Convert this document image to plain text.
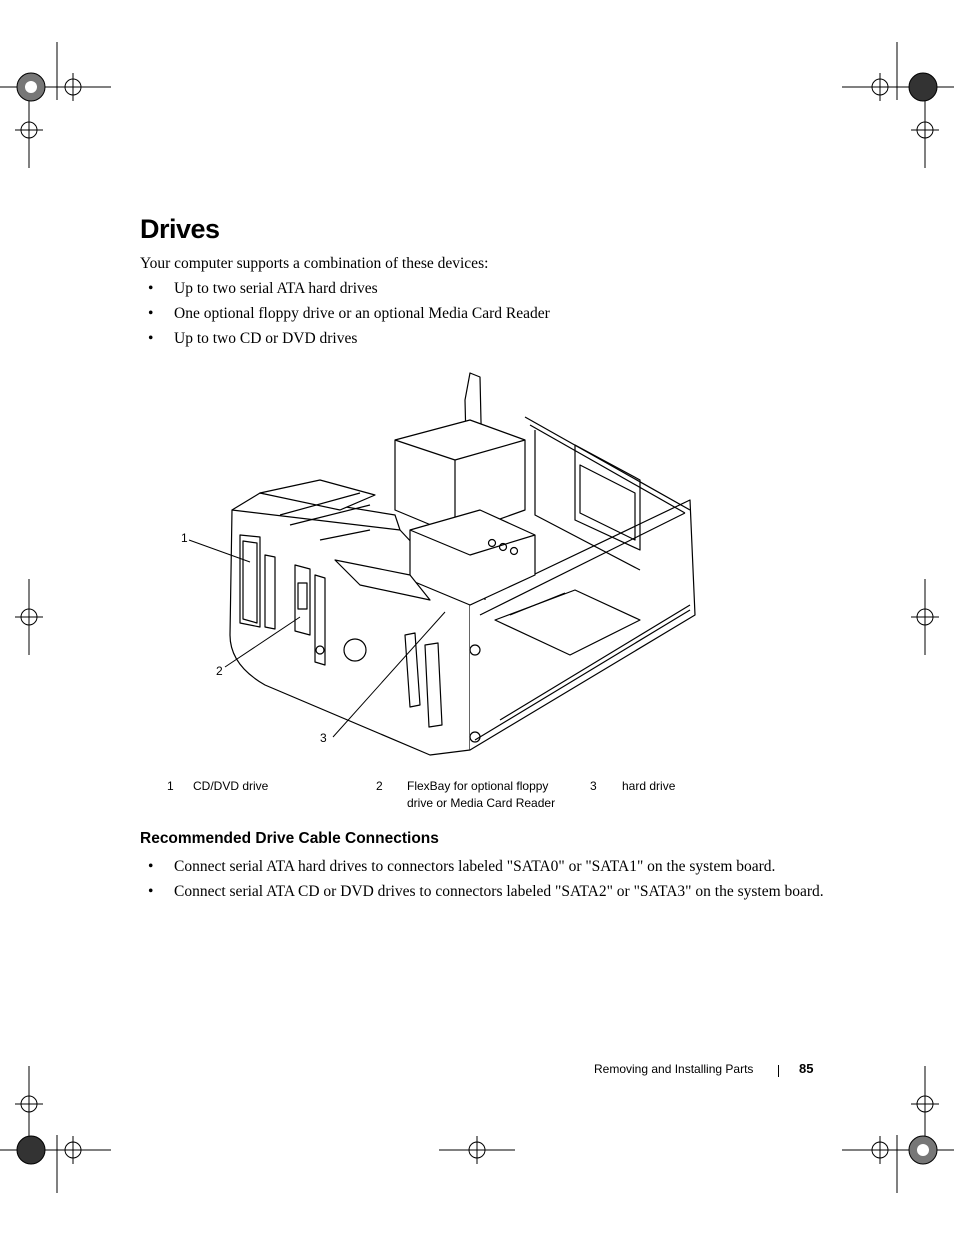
Drives
Your computer supports a combination of these devices:
• Up to two serial ATA hard drives
• One optional floppy drive or an optional Media Card Reader
• Up to two CD or DVD drives
1
2
3
1 CD/DVD drive	2 FlexBay for optional floppy
drive or Media Card Reader
3 hard drive
Recommended Drive Cable Connections
• Connect serial ATA hard drives to connectors labeled "SATA0" or "SATA1" on the system board.
• Connect serial ATA CD or DVD drives to connectors labeled "SATA2" or "SATA3" on the system board.
Removing and Installing Parts	85
